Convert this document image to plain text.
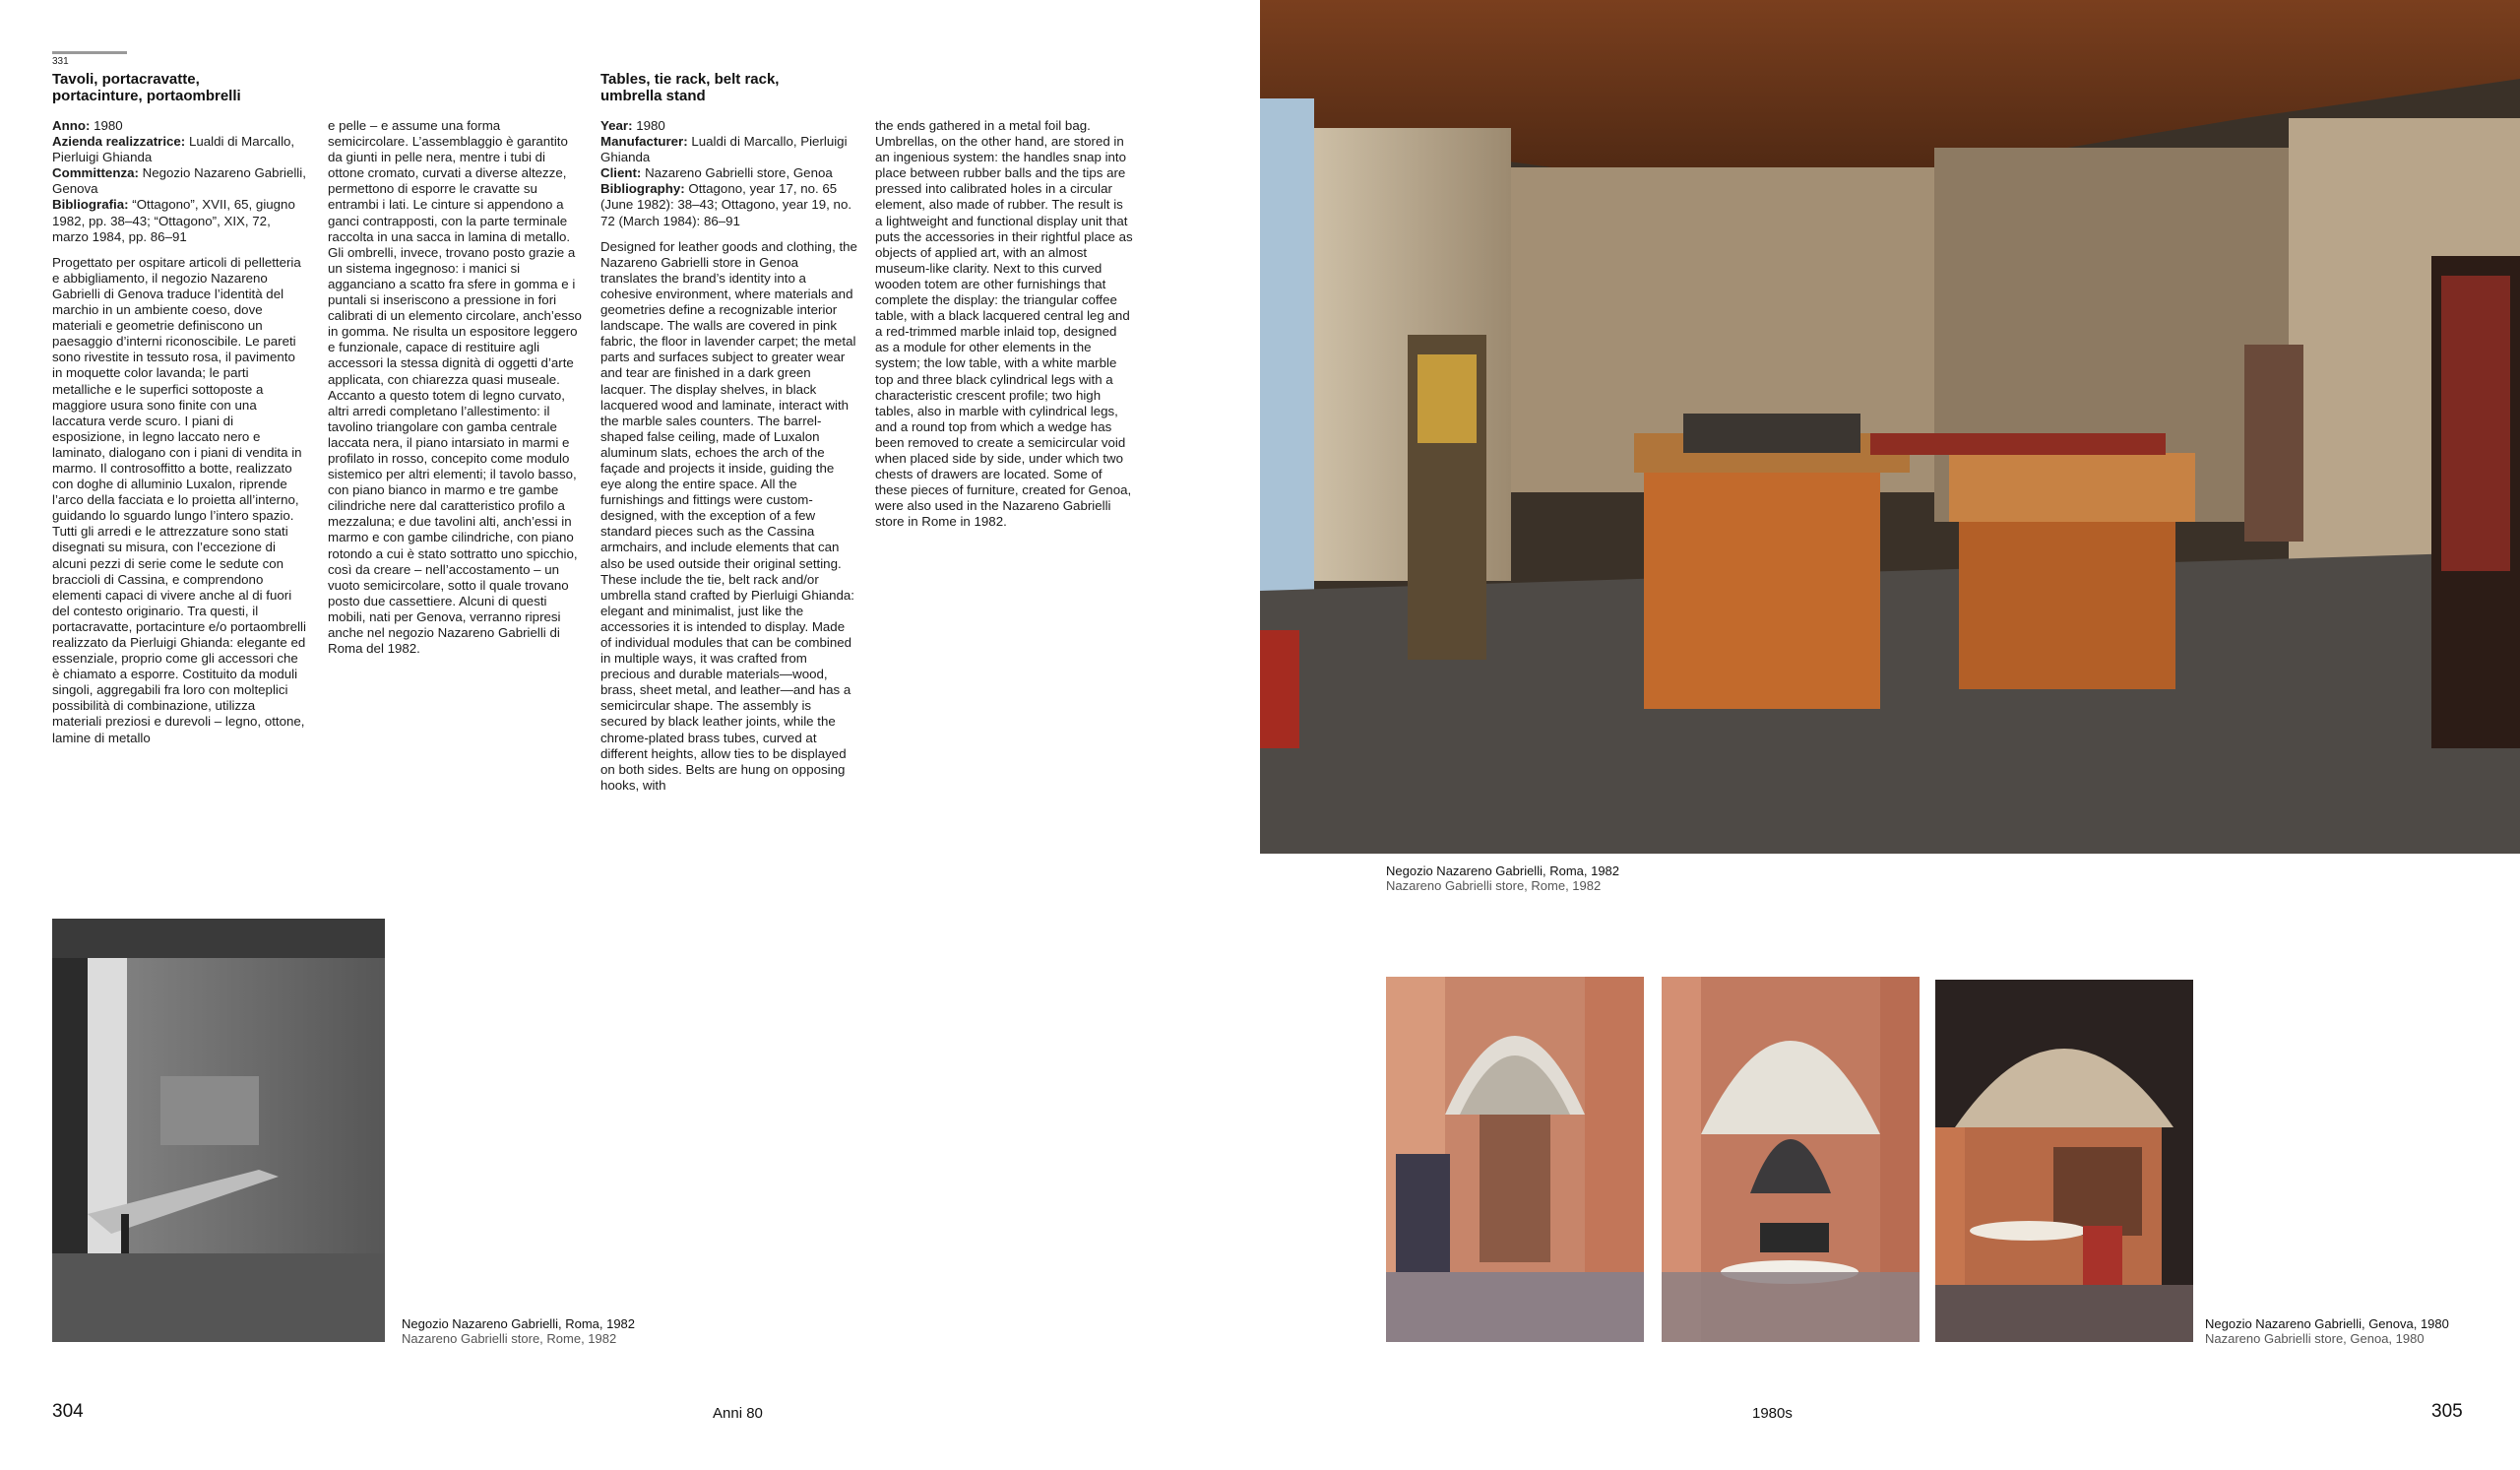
331
Tavoli, portacravatte,
portacinture, portaombrelli

Anno: 1980
Azienda realizzatrice: Lualdi di Marcallo, Pierluigi Ghianda
Committenza: Negozio Nazareno Gabrielli, Genova
Bibliografia: “Ottagono”, XVII, 65, giugno 1982, pp. 38–43; “Ottagono”, XIX, 72, marzo 1984, pp. 86–91

Progettato per ospitare articoli di pelletteria e abbigliamento, il negozio Nazareno Gabrielli di Genova traduce l’identità del marchio in un ambiente coeso, dove materiali e geometrie definiscono un paesaggio d’interni riconoscibile. Le pareti sono rivestite in tessuto rosa, il pavimento in moquette color lavanda; le parti metalliche e le superfici sottoposte a maggiore usura sono finite con una laccatura verde scuro. I piani di esposizione, in legno laccato nero e laminato, dialogano con i piani di vendita in marmo. Il controsoffitto a botte, realizzato con doghe di alluminio Luxalon, riprende l’arco della facciata e lo proietta all’interno, guidando lo sguardo lungo l’intero spazio. Tutti gli arredi e le attrezzature sono stati disegnati su misura, con l’eccezione di alcuni pezzi di serie come le sedute con braccioli di Cassina, e comprendono elementi capaci di vivere anche al di fuori del contesto originario. Tra questi, il portacravatte, portacinture e/o portaombrelli realizzato da Pierluigi Ghianda: elegante ed essenziale, proprio come gli accessori che è chiamato a esporre. Costituito da moduli singoli, aggregabili fra loro con molteplici possibilità di combinazione, utilizza materiali preziosi e durevoli – legno, ottone, lamine di metallo

e pelle – e assume una forma semicircolare. L’assemblaggio è garantito da giunti in pelle nera, mentre i tubi di ottone cromato, curvati a diverse altezze, permettono di esporre le cravatte su entrambi i lati. Le cinture si appendono a ganci contrapposti, con la parte terminale raccolta in una sacca in lamina di metallo. Gli ombrelli, invece, trovano posto grazie a un sistema ingegnoso: i manici si agganciano a scatto fra sfere in gomma e i puntali si inseriscono a pressione in fori calibrati di un elemento circolare, anch’esso in gomma. Ne risulta un espositore leggero e funzionale, capace di restituire agli accessori la stessa dignità di oggetti d’arte applicata, con chiarezza quasi museale. Accanto a questo totem di legno curvato, altri arredi completano l’allestimento: il tavolino triangolare con gamba centrale laccata nera, il piano intarsiato in marmi e profilato in rosso, concepito come modulo sistemico per altri elementi; il tavolo basso, con piano bianco in marmo e tre gambe cilindriche nere dal caratteristico profilo a mezzaluna; e due tavolini alti, anch’essi in marmo e con gambe cilindriche, con piano rotondo a cui è stato sottratto uno spicchio, così da creare – nell’accostamento – un vuoto semicircolare, sotto il quale trovano posto due cassettiere. Alcuni di questi mobili, nati per Genova, verranno ripresi anche nel negozio Nazareno Gabrielli di Roma del 1982.

Tables, tie rack, belt rack,
umbrella stand

Year: 1980
Manufacturer: Lualdi di Marcallo, Pierluigi Ghianda
Client: Nazareno Gabrielli store, Genoa
Bibliography: Ottagono, year 17, no. 65 (June 1982): 38–43; Ottagono, year 19, no. 72 (March 1984): 86–91

Designed for leather goods and clothing, the Nazareno Gabrielli store in Genoa translates the brand’s identity into a cohesive environment, where materials and geometries define a recognizable interior landscape. The walls are covered in pink fabric, the floor in lavender carpet; the metal parts and surfaces subject to greater wear and tear are finished in a dark green lacquer. The display shelves, in black lacquered wood and laminate, interact with the marble sales counters. The barrel-shaped false ceiling, made of Luxalon aluminum slats, echoes the arch of the façade and projects it inside, guiding the eye along the entire space. All the furnishings and fittings were custom-designed, with the exception of a few standard pieces such as the Cassina armchairs, and include elements that can also be used outside their original setting. These include the tie, belt rack and/or umbrella stand crafted by Pierluigi Ghianda: elegant and minimalist, just like the accessories it is intended to display. Made of individual modules that can be combined in multiple ways, it was crafted from precious and durable materials—wood, brass, sheet metal, and leather—and has a semicircular shape. The assembly is secured by black leather joints, while the chrome-plated brass tubes, curved at different heights, allow ties to be displayed on both sides. Belts are hung on opposing hooks, with

the ends gathered in a metal foil bag. Umbrellas, on the other hand, are stored in an ingenious system: the handles snap into place between rubber balls and the tips are pressed into calibrated holes in a circular element, also made of rubber. The result is a lightweight and functional display unit that puts the accessories in their rightful place as objects of applied art, with an almost museum-like clarity. Next to this curved wooden totem are other furnishings that complete the display: the triangular coffee table, with a black lacquered central leg and a red-trimmed marble inlaid top, designed as a module for other elements in the system; the low table, with a white marble top and three black cylindrical legs with a characteristic crescent profile; two high tables, also in marble with cylindrical legs, and a round top from which a wedge has been removed to create a semicircular void when placed side by side, under which two chests of drawers are located. Some of these pieces of furniture, created for Genoa, were also used in the Nazareno Gabrielli store in Rome in 1982.

Negozio Nazareno Gabrielli, Roma, 1982
Nazareno Gabrielli store, Rome, 1982
304	Anni 80
Negozio Nazareno Gabrielli, Roma, 1982
Nazareno Gabrielli store, Rome, 1982
Negozio Nazareno Gabrielli, Genova, 1980
Nazareno Gabrielli store, Genoa, 1980
1980s	305
